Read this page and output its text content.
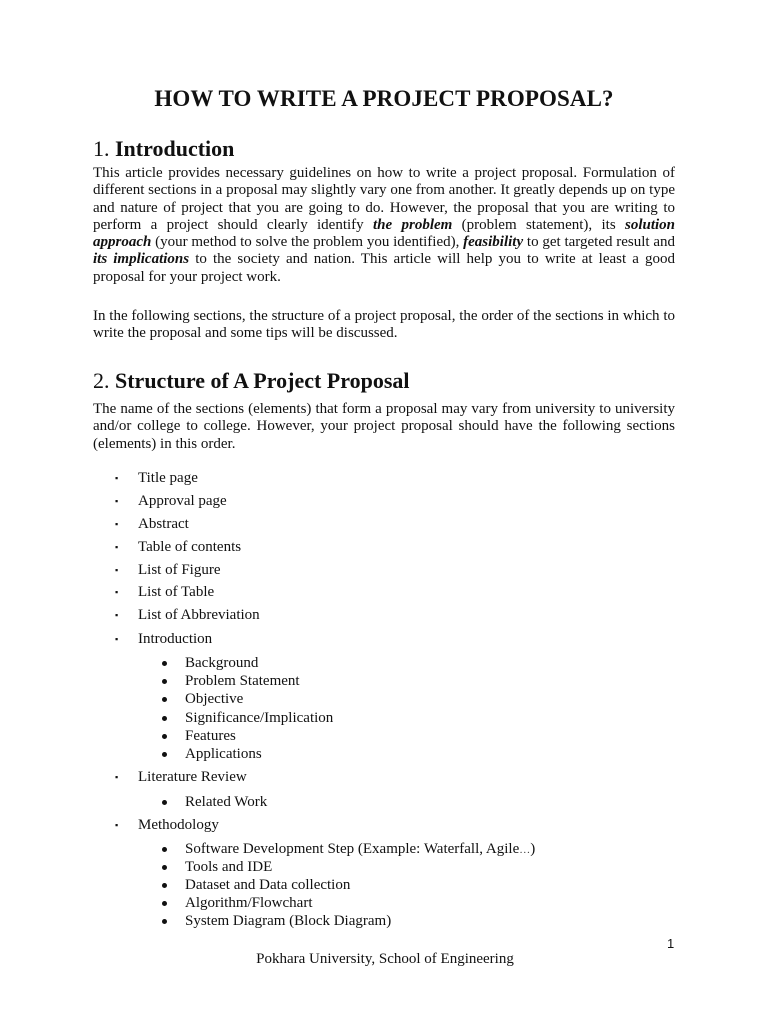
HOW TO WRITE A PROJECT PROPOSAL?
1. Introduction

This article provides necessary guidelines on how to write a project proposal. Formulation of different sections in a proposal may slightly vary one from another. It greatly depends up on type and nature of project that you are going to do. However, the proposal that you are writing to perform a project should clearly identify the problem (problem statement), its solution approach (your method to solve the problem you identified), feasibility to get targeted result and its implications to the society and nation. This article will help you to write at least a good proposal for your project work.

In the following sections, the structure of a project proposal, the order of the sections in which to write the proposal and some tips will be discussed.

2. Structure of A Project Proposal

The name of the sections (elements) that form a proposal may vary from university to university and/or college to college. However, your project proposal should have the following sections (elements) in this order.

▪ Title page
▪ Approval page
▪ Abstract
▪ Table of contents
▪ List of Figure
▪ List of Table
▪ List of Abbreviation
▪ Introduction
Background
Problem Statement
Objective
Significance/Implication
Features
Applications
▪ Literature Review
Related Work
▪ Methodology
Software Development Step (Example: Waterfall, Agile…)
Tools and IDE
Dataset and Data collection
Algorithm/Flowchart
System Diagram (Block Diagram)
1
Pokhara University, School of Engineering
